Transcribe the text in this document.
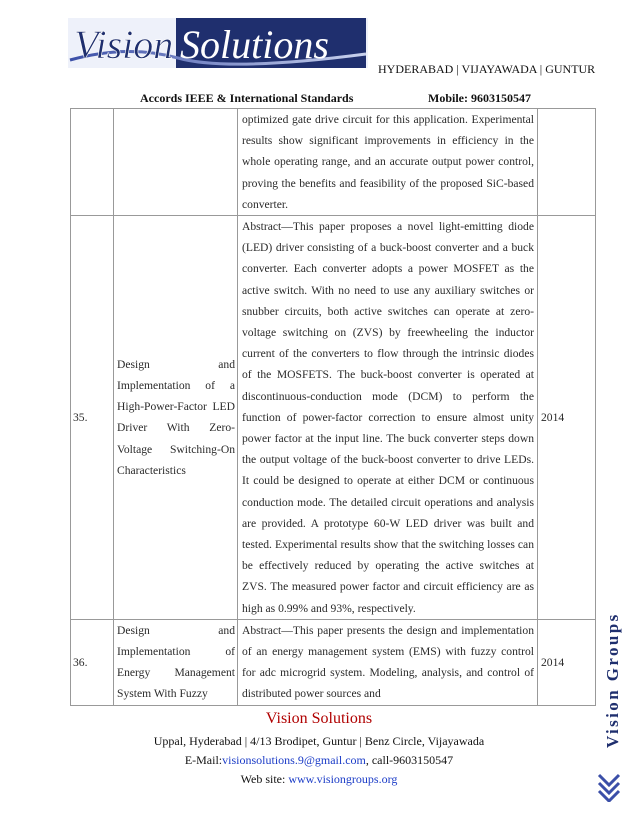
Vision Solutions
HYDERABAD | VIJAYAWADA | GUNTUR
Accords IEEE & International Standards	Mobile: 9603150547
		optimized gate drive circuit for this application. Experimental results show significant improvements in efficiency in the whole operating range, and an accurate output power control, proving the benefits and feasibility of the proposed SiC-based converter.	
35.	Design and Implementation of a High-Power-Factor LED Driver With Zero-Voltage Switching-On Characteristics	Abstract—This paper proposes a novel light-emitting diode (LED) driver consisting of a buck-boost converter and a buck converter. Each converter adopts a power MOSFET as the active switch. With no need to use any auxiliary switches or snubber circuits, both active switches can operate at zero-voltage switching on (ZVS) by freewheeling the inductor current of the converters to flow through the intrinsic diodes of the MOSFETS. The buck-boost converter is operated at discontinuous-conduction mode (DCM) to perform the function of power-factor correction to ensure almost unity power factor at the input line. The buck converter steps down the output voltage of the buck-boost converter to drive LEDs. It could be designed to operate at either DCM or continuous conduction mode. The detailed circuit operations and analysis are provided. A prototype 60-W LED driver was built and tested. Experimental results show that the switching losses can be effectively reduced by operating the active switches at ZVS. The measured power factor and circuit efficiency are as high as 0.99% and 93%, respectively.	2014
36.	Design and Implementation of Energy Management System With Fuzzy	Abstract—This paper presents the design and implementation of an energy management system (EMS) with fuzzy control for adc microgrid system. Modeling, analysis, and control of distributed power sources and	2014 Vision Groups
Vision Solutions
Uppal, Hyderabad | 4/13 Brodipet, Guntur | Benz Circle, Vijayawada
E-Mail:visionsolutions.9@gmail.com, call-9603150547
Web site: www.visiongroups.org
